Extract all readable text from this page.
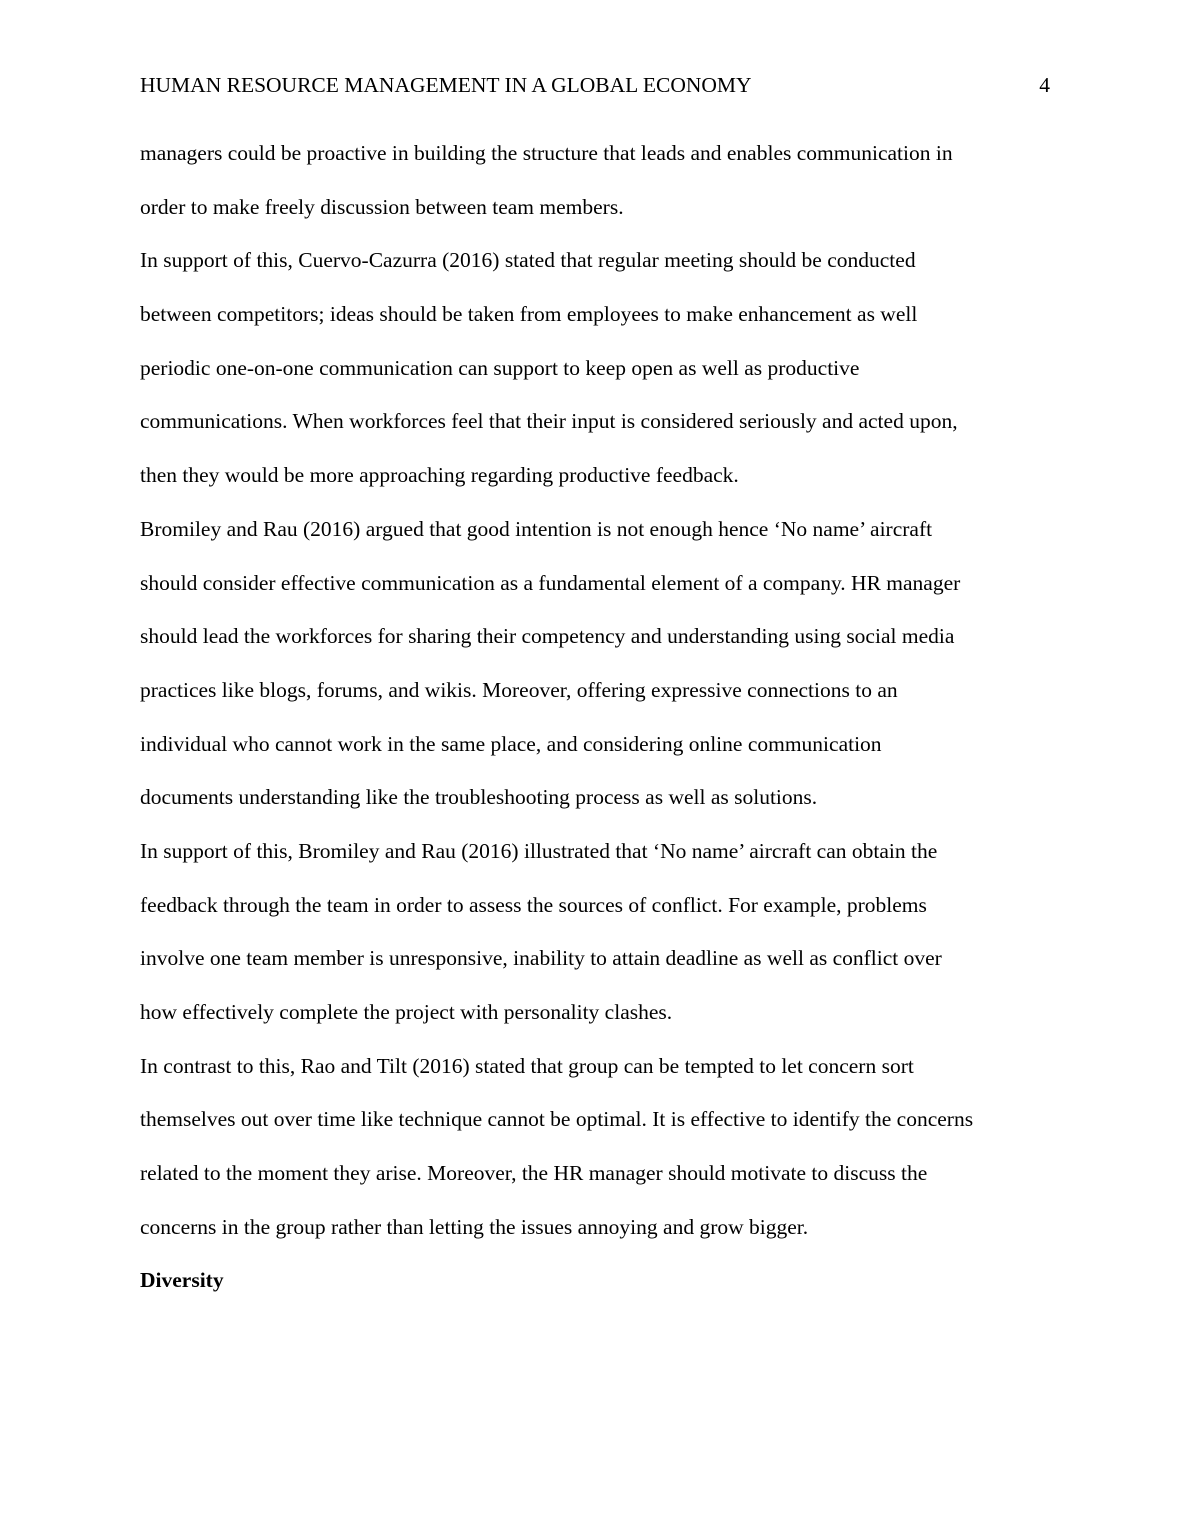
HUMAN RESOURCE MANAGEMENT IN A GLOBAL ECONOMY	4
managers could be proactive in building the structure that leads and enables communication in
order to make freely discussion between team members.
In support of this, Cuervo-Cazurra (2016) stated that regular meeting should be conducted
between competitors; ideas should be taken from employees to make enhancement as well
periodic one-on-one communication can support to keep open as well as productive
communications. When workforces feel that their input is considered seriously and acted upon,
then they would be more approaching regarding productive feedback.
Bromiley and Rau (2016) argued that good intention is not enough hence ‘No name’ aircraft
should consider effective communication as a fundamental element of a company. HR manager
should lead the workforces for sharing their competency and understanding using social media
practices like blogs, forums, and wikis. Moreover, offering expressive connections to an
individual who cannot work in the same place, and considering online communication
documents understanding like the troubleshooting process as well as solutions.
In support of this, Bromiley and Rau (2016) illustrated that ‘No name’ aircraft can obtain the
feedback through the team in order to assess the sources of conflict. For example, problems
involve one team member is unresponsive, inability to attain deadline as well as conflict over
how effectively complete the project with personality clashes.
In contrast to this, Rao and Tilt (2016) stated that group can be tempted to let concern sort
themselves out over time like technique cannot be optimal. It is effective to identify the concerns
related to the moment they arise. Moreover, the HR manager should motivate to discuss the
concerns in the group rather than letting the issues annoying and grow bigger.
Diversity
